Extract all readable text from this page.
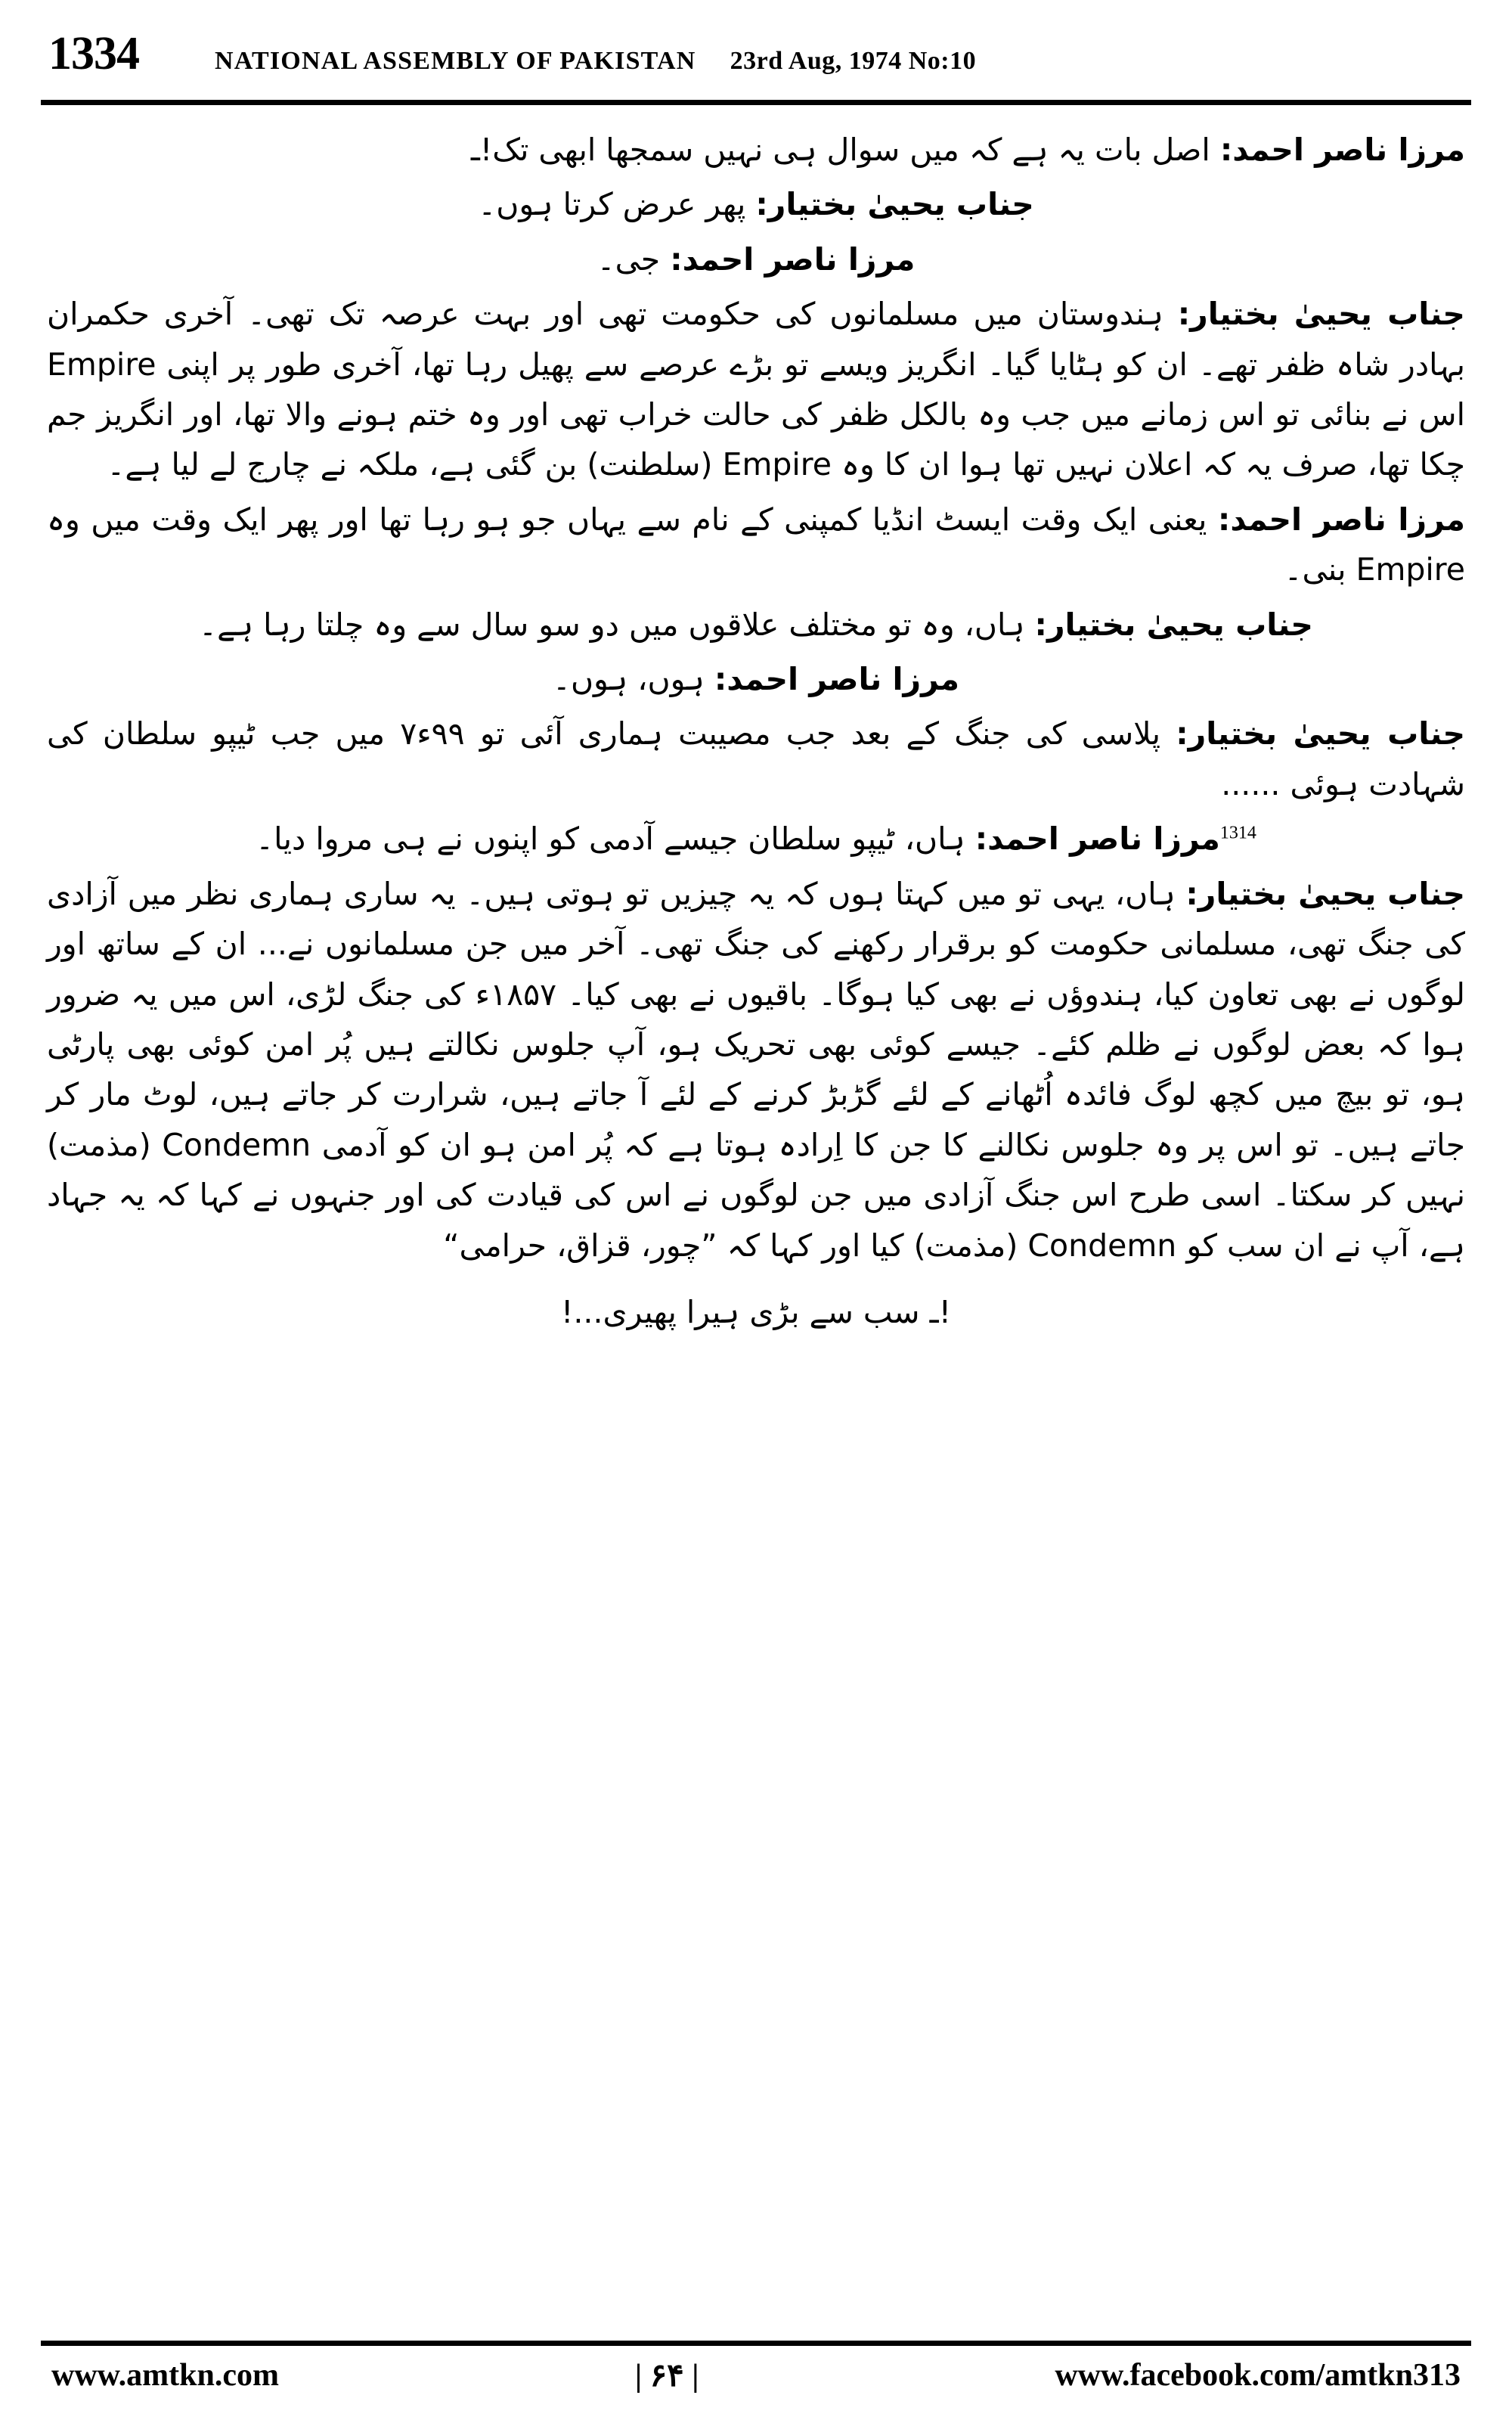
1334	NATIONAL ASSEMBLY OF PAKISTAN 23rd Aug, 1974 No:10

مرزا ناصر احمد: اصل بات یہ ہے کہ میں سوال ہی نہیں سمجھا ابھی تک!ـ

جناب یحییٰ بختیار: پھر عرض کرتا ہوں۔

مرزا ناصر احمد: جی۔

جناب یحییٰ بختیار: ہندوستان میں مسلمانوں کی حکومت تھی اور بہت عرصہ تک تھی۔ آخری حکمران بہادر شاہ ظفر تھے۔ ان کو ہٹایا گیا۔ انگریز ویسے تو بڑے عرصے سے پھیل رہا تھا، آخری طور پر اپنی Empire اس نے بنائی تو اس زمانے میں جب وہ بالکل ظفر کی حالت خراب تھی اور وہ ختم ہونے والا تھا، اور انگریز جم چکا تھا، صرف یہ کہ اعلان نہیں تھا ہوا ان کا وہ Empire (سلطنت) بن گئی ہے، ملکہ نے چارج لے لیا ہے۔

مرزا ناصر احمد: یعنی ایک وقت ایسٹ انڈیا کمپنی کے نام سے یہاں جو ہو رہا تھا اور پھر ایک وقت میں وہ Empire بنی۔

جناب یحییٰ بختیار: ہاں، وہ تو مختلف علاقوں میں دو سو سال سے وہ چلتا رہا ہے۔

مرزا ناصر احمد: ہوں، ہوں۔

جناب یحییٰ بختیار: پلاسی کی جنگ کے بعد جب مصیبت ہماری آئی تو ۹۹ء۷ میں جب ٹیپو سلطان کی شہادت ہوئی ......

$^{1314}$مرزا ناصر احمد: ہاں، ٹیپو سلطان جیسے آدمی کو اپنوں نے ہی مروا دیا۔

جناب یحییٰ بختیار: ہاں، یہی تو میں کہتا ہوں کہ یہ چیزیں تو ہوتی ہیں۔ یہ ساری ہماری نظر میں آزادی کی جنگ تھی، مسلمانی حکومت کو برقرار رکھنے کی جنگ تھی۔ آخر میں جن مسلمانوں نے... ان کے ساتھ اور لوگوں نے بھی تعاون کیا، ہندوؤں نے بھی کیا ہوگا۔ باقیوں نے بھی کیا۔ ۱۸۵۷ء کی جنگ لڑی، اس میں یہ ضرور ہوا کہ بعض لوگوں نے ظلم کئے۔ جیسے کوئی بھی تحریک ہو، آپ جلوس نکالتے ہیں پُر امن کوئی بھی پارٹی ہو، تو بیچ میں کچھ لوگ فائدہ اُٹھانے کے لئے گڑبڑ کرنے کے لئے آ جاتے ہیں، شرارت کر جاتے ہیں، لوٹ مار کر جاتے ہیں۔ تو اس پر وہ جلوس نکالنے کا جن کا اِرادہ ہوتا ہے کہ پُر امن ہو ان کو آدمی Condemn (مذمت) نہیں کر سکتا۔ اسی طرح اس جنگ آزادی میں جن لوگوں نے اس کی قیادت کی اور جنہوں نے کہا کہ یہ جہاد ہے، آپ نے ان سب کو Condemn (مذمت) کیا اور کہا کہ ”چور، قزاق، حرامی“

!ـ سب سے بڑی ہیرا پھیری...!

www.amtkn.com	| ۶۴ |	www.facebook.com/amtkn313
